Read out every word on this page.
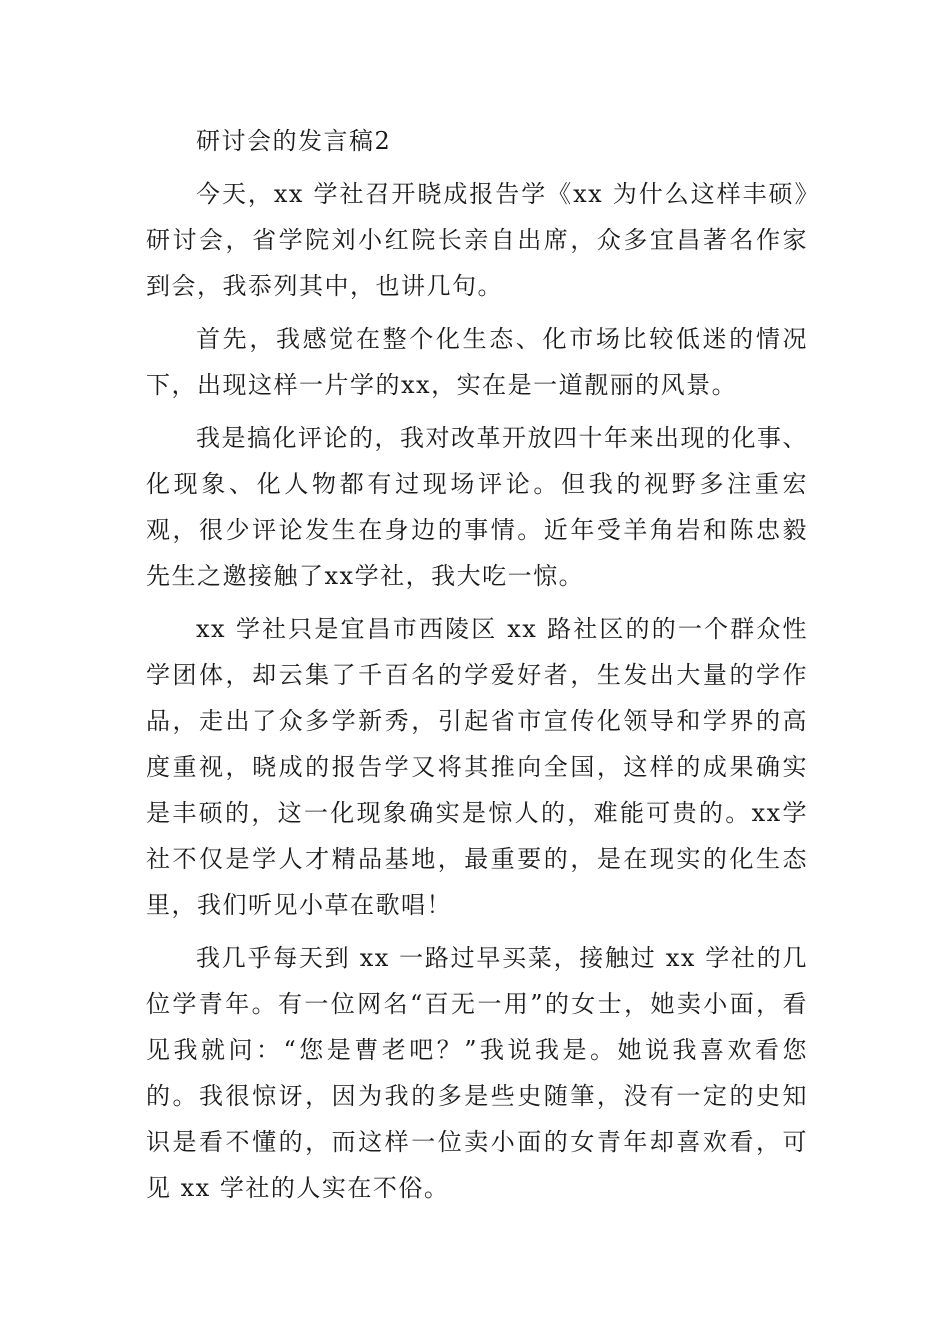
研讨会的发言稿2

今天，xx 学社召开晓成报告学《xx 为什么这样丰硕》研讨会，省学院刘小红院长亲自出席，众多宜昌著名作家到会，我忝列其中，也讲几句。

首先，我感觉在整个化生态、化市场比较低迷的情况下，出现这样一片学的xx，实在是一道靓丽的风景。

我是搞化评论的，我对改革开放四十年来出现的化事、化现象、化人物都有过现场评论。但我的视野多注重宏观，很少评论发生在身边的事情。近年受羊角岩和陈忠毅先生之邀接触了xx学社，我大吃一惊。

xx 学社只是宜昌市西陵区 xx 路社区的的一个群众性学团体，却云集了千百名的学爱好者，生发出大量的学作品，走出了众多学新秀，引起省市宣传化领导和学界的高度重视，晓成的报告学又将其推向全国，这样的成果确实是丰硕的，这一化现象确实是惊人的，难能可贵的。xx学社不仅是学人才精品基地，最重要的，是在现实的化生态里，我们听见小草在歌唱！

我几乎每天到 xx 一路过早买菜，接触过 xx 学社的几位学青年。有一位网名“百无一用”的女士，她卖小面，看见我就问：“您是曹老吧？”我说我是。她说我喜欢看您的。我很惊讶，因为我的多是些史随筆，没有一定的史知识是看不懂的，而这样一位卖小面的女青年却喜欢看，可见 xx 学社的人实在不俗。
